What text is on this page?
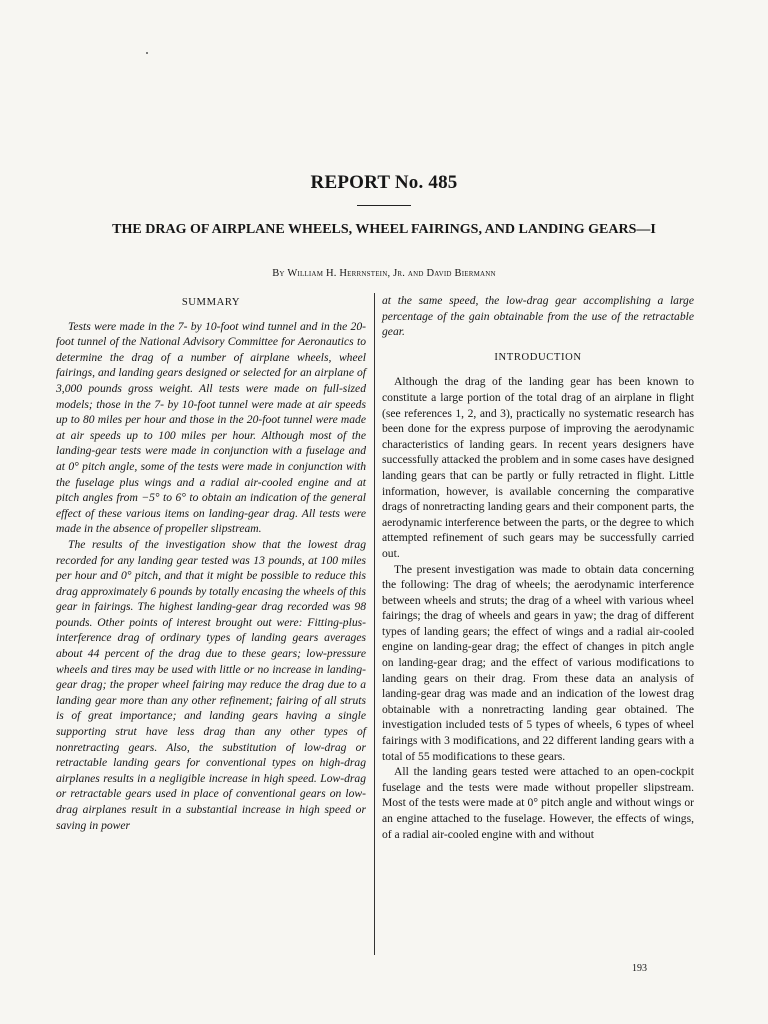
REPORT No. 485
THE DRAG OF AIRPLANE WHEELS, WHEEL FAIRINGS, AND LANDING GEARS—I
By William H. Herrnstein, Jr. and David Biermann
SUMMARY

Tests were made in the 7- by 10-foot wind tunnel and in the 20-foot tunnel of the National Advisory Committee for Aeronautics to determine the drag of a number of airplane wheels, wheel fairings, and landing gears designed or selected for an airplane of 3,000 pounds gross weight. All tests were made on full-sized models; those in the 7- by 10-foot tunnel were made at air speeds up to 80 miles per hour and those in the 20-foot tunnel were made at air speeds up to 100 miles per hour. Although most of the landing-gear tests were made in conjunction with a fuselage and at 0° pitch angle, some of the tests were made in conjunction with the fuselage plus wings and a radial air-cooled engine and at pitch angles from −5° to 6° to obtain an indication of the general effect of these various items on landing-gear drag. All tests were made in the absence of propeller slipstream.

The results of the investigation show that the lowest drag recorded for any landing gear tested was 13 pounds, at 100 miles per hour and 0° pitch, and that it might be possible to reduce this drag approximately 6 pounds by totally encasing the wheels of this gear in fairings. The highest landing-gear drag recorded was 98 pounds. Other points of interest brought out were: Fitting-plus-interference drag of ordinary types of landing gears averages about 44 percent of the drag due to these gears; low-pressure wheels and tires may be used with little or no increase in landing-gear drag; the proper wheel fairing may reduce the drag due to a landing gear more than any other refinement; fairing of all struts is of great importance; and landing gears having a single supporting strut have less drag than any other types of nonretracting gears. Also, the substitution of low-drag or retractable landing gears for conventional types on high-drag airplanes results in a negligible increase in high speed. Low-drag or retractable gears used in place of conventional gears on low-drag airplanes result in a substantial increase in high speed or saving in power

at the same speed, the low-drag gear accomplishing a large percentage of the gain obtainable from the use of the retractable gear.

INTRODUCTION

Although the drag of the landing gear has been known to constitute a large portion of the total drag of an airplane in flight (see references 1, 2, and 3), practically no systematic research has been done for the express purpose of improving the aerodynamic characteristics of landing gears. In recent years designers have successfully attacked the problem and in some cases have designed landing gears that can be partly or fully retracted in flight. Little information, however, is available concerning the comparative drags of nonretracting landing gears and their component parts, the aerodynamic interference between the parts, or the degree to which attempted refinement of such gears may be successfully carried out.

The present investigation was made to obtain data concerning the following: The drag of wheels; the aerodynamic interference between wheels and struts; the drag of a wheel with various wheel fairings; the drag of wheels and gears in yaw; the drag of different types of landing gears; the effect of wings and a radial air-cooled engine on landing-gear drag; the effect of changes in pitch angle on landing-gear drag; and the effect of various modifications to landing gears on their drag. From these data an analysis of landing-gear drag was made and an indication of the lowest drag obtainable with a nonretracting landing gear obtained. The investigation included tests of 5 types of wheels, 6 types of wheel fairings with 3 modifications, and 22 different landing gears with a total of 55 modifications to these gears.

All the landing gears tested were attached to an open-cockpit fuselage and the tests were made without propeller slipstream. Most of the tests were made at 0° pitch angle and without wings or an engine attached to the fuselage. However, the effects of wings, of a radial air-cooled engine with and without

193
